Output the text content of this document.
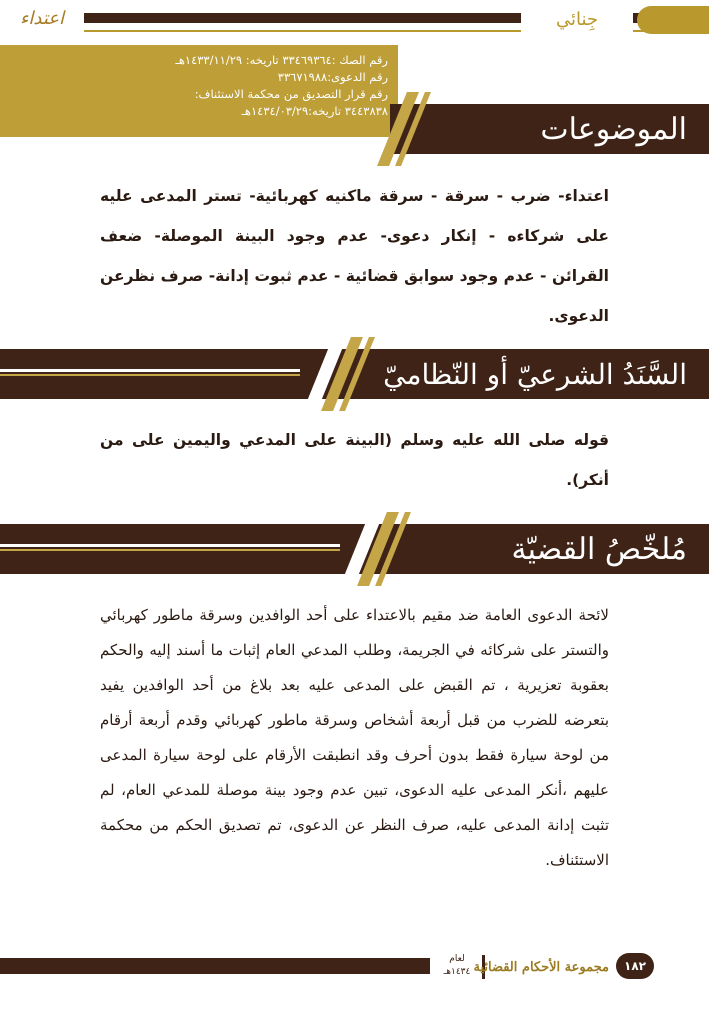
اعتداء	جِنائي
رقم الصك :٣٣٤٦٩٣٦٤ تاريخه: ١٤٣٣/١١/٢٩هـ
رقم الدعوى:٣٣٦٧١٩٨٨
رقم قرار التصديق من محكمة الاستئناف:
٣٤٤٣٨٣٨ تاريخه:١٤٣٤/٠٣/٢٩هـ
الموضوعات
اعتداء- ضرب - سرقة - سرقة ماكنيه كهربائية- تستر المدعى عليه على شركاءه - إنكار دعوى- عدم وجود البينة الموصلة- ضعف القرائن - عدم وجود سوابق قضائية - عدم ثبوت إدانة- صرف نظرعن الدعوى.
السَّنَدُ الشرعيّ أو النّظاميّ
قوله صلى الله عليه وسلم (البينة على المدعي واليمين على من أنكر).
مُلخّصُ القضيّة
لائحة الدعوى العامة ضد مقيم بالاعتداء على أحد الوافدين وسرقة ماطور كهربائي والتستر على شركائه في الجريمة، وطلب المدعي العام إثبات ما أسند إليه والحكم بعقوبة تعزيرية ، تم القبض على المدعى عليه بعد بلاغ من أحد الوافدين يفيد بتعرضه للضرب من قبل أربعة أشخاص وسرقة ماطور كهربائي وقدم أربعة أرقام من لوحة سيارة فقط بدون أحرف وقد انطبقت الأرقام على لوحة سيارة المدعى عليهم ،أنكر المدعى عليه الدعوى، تبين عدم وجود بينة موصلة للمدعي العام، لم تثبت إدانة المدعى عليه، صرف النظر عن الدعوى، تم تصديق الحكم من محكمة الاستئناف.
لعام
١٤٣٤هـ مجموعة الأحكام القضائية	١٨٢
